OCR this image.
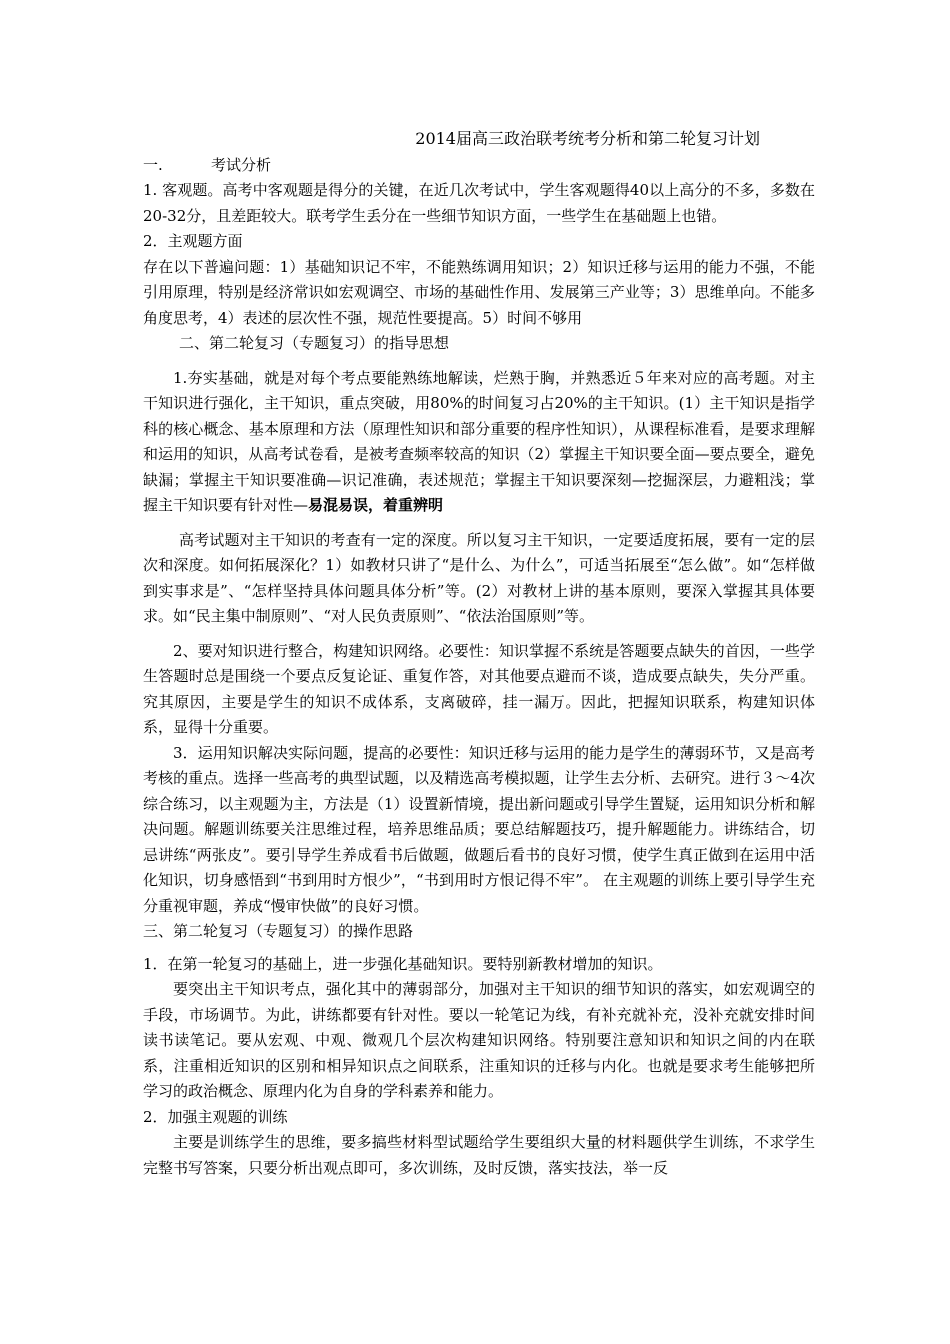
2014届高三政治联考统考分析和第二轮复习计划

一.	考试分析

1. 客观题。高考中客观题是得分的关键，在近几次考试中，学生客观题得40以上高分的不多，多数在20-32分，且差距较大。联考学生丢分在一些细节知识方面，一些学生在基础题上也错。

2．主观题方面

存在以下普遍问题：1）基础知识记不牢，不能熟练调用知识；2）知识迁移与运用的能力不强，不能引用原理，特别是经济常识如宏观调空、市场的基础性作用、发展第三产业等；3）思维单向。不能多角度思考，4）表述的层次性不强，规范性要提高。5）时间不够用

二、第二轮复习（专题复习）的指导思想

1.夯实基础，就是对每个考点要能熟练地解读，烂熟于胸，并熟悉近５年来对应的高考题。对主干知识进行强化，主干知识，重点突破，用80%的时间复习占20%的主干知识。(1）主干知识是指学科的核心概念、基本原理和方法（原理性知识和部分重要的程序性知识），从课程标准看，是要求理解和运用的知识，从高考试卷看，是被考查频率较高的知识（2）掌握主干知识要全面—要点要全，避免缺漏；掌握主干知识要准确—识记准确，表述规范；掌握主干知识要深刻—挖掘深层，力避粗浅；掌握主干知识要有针对性—易混易误，着重辨明

高考试题对主干知识的考查有一定的深度。所以复习主干知识，一定要适度拓展，要有一定的层次和深度。如何拓展深化？1）如教材只讲了“是什么、为什么”，可适当拓展至“怎么做”。如“怎样做到实事求是”、“怎样坚持具体问题具体分析”等。(2）对教材上讲的基本原则，要深入掌握其具体要求。如“民主集中制原则”、“对人民负责原则”、“依法治国原则”等。

2、要对知识进行整合，构建知识网络。必要性：知识掌握不系统是答题要点缺失的首因，一些学生答题时总是围绕一个要点反复论证、重复作答，对其他要点避而不谈，造成要点缺失，失分严重。究其原因，主要是学生的知识不成体系，支离破碎，挂一漏万。因此，把握知识联系，构建知识体系，显得十分重要。

3．运用知识解决实际问题，提高的必要性：知识迁移与运用的能力是学生的薄弱环节，又是高考考核的重点。选择一些高考的典型试题，以及精选高考模拟题，让学生去分析、去研究。进行３～4次综合练习，以主观题为主，方法是（1）设置新情境，提出新问题或引导学生置疑，运用知识分析和解决问题。解题训练要关注思维过程，培养思维品质；要总结解题技巧，提升解题能力。讲练结合，切忌讲练“两张皮”。要引导学生养成看书后做题，做题后看书的良好习惯，使学生真正做到在运用中活化知识，切身感悟到“书到用时方恨少”，“书到用时方恨记得不牢”。 在主观题的训练上要引导学生充分重视审题，养成“慢审快做”的良好习惯。

三、第二轮复习（专题复习）的操作思路

1．在第一轮复习的基础上，进一步强化基础知识。要特别新教材增加的知识。

要突出主干知识考点，强化其中的薄弱部分，加强对主干知识的细节知识的落实，如宏观调空的手段，市场调节。为此，讲练都要有针对性。要以一轮笔记为线，有补充就补充，没补充就安排时间读书读笔记。要从宏观、中观、微观几个层次构建知识网络。特别要注意知识和知识之间的内在联系，注重相近知识的区别和相异知识点之间联系，注重知识的迁移与内化。也就是要求考生能够把所学习的政治概念、原理内化为自身的学科素养和能力。

2．加强主观题的训练

主要是训练学生的思维，要多搞些材料型试题给学生要组织大量的材料题供学生训练，不求学生完整书写答案，只要分析出观点即可，多次训练，及时反馈，落实技法，举一反
